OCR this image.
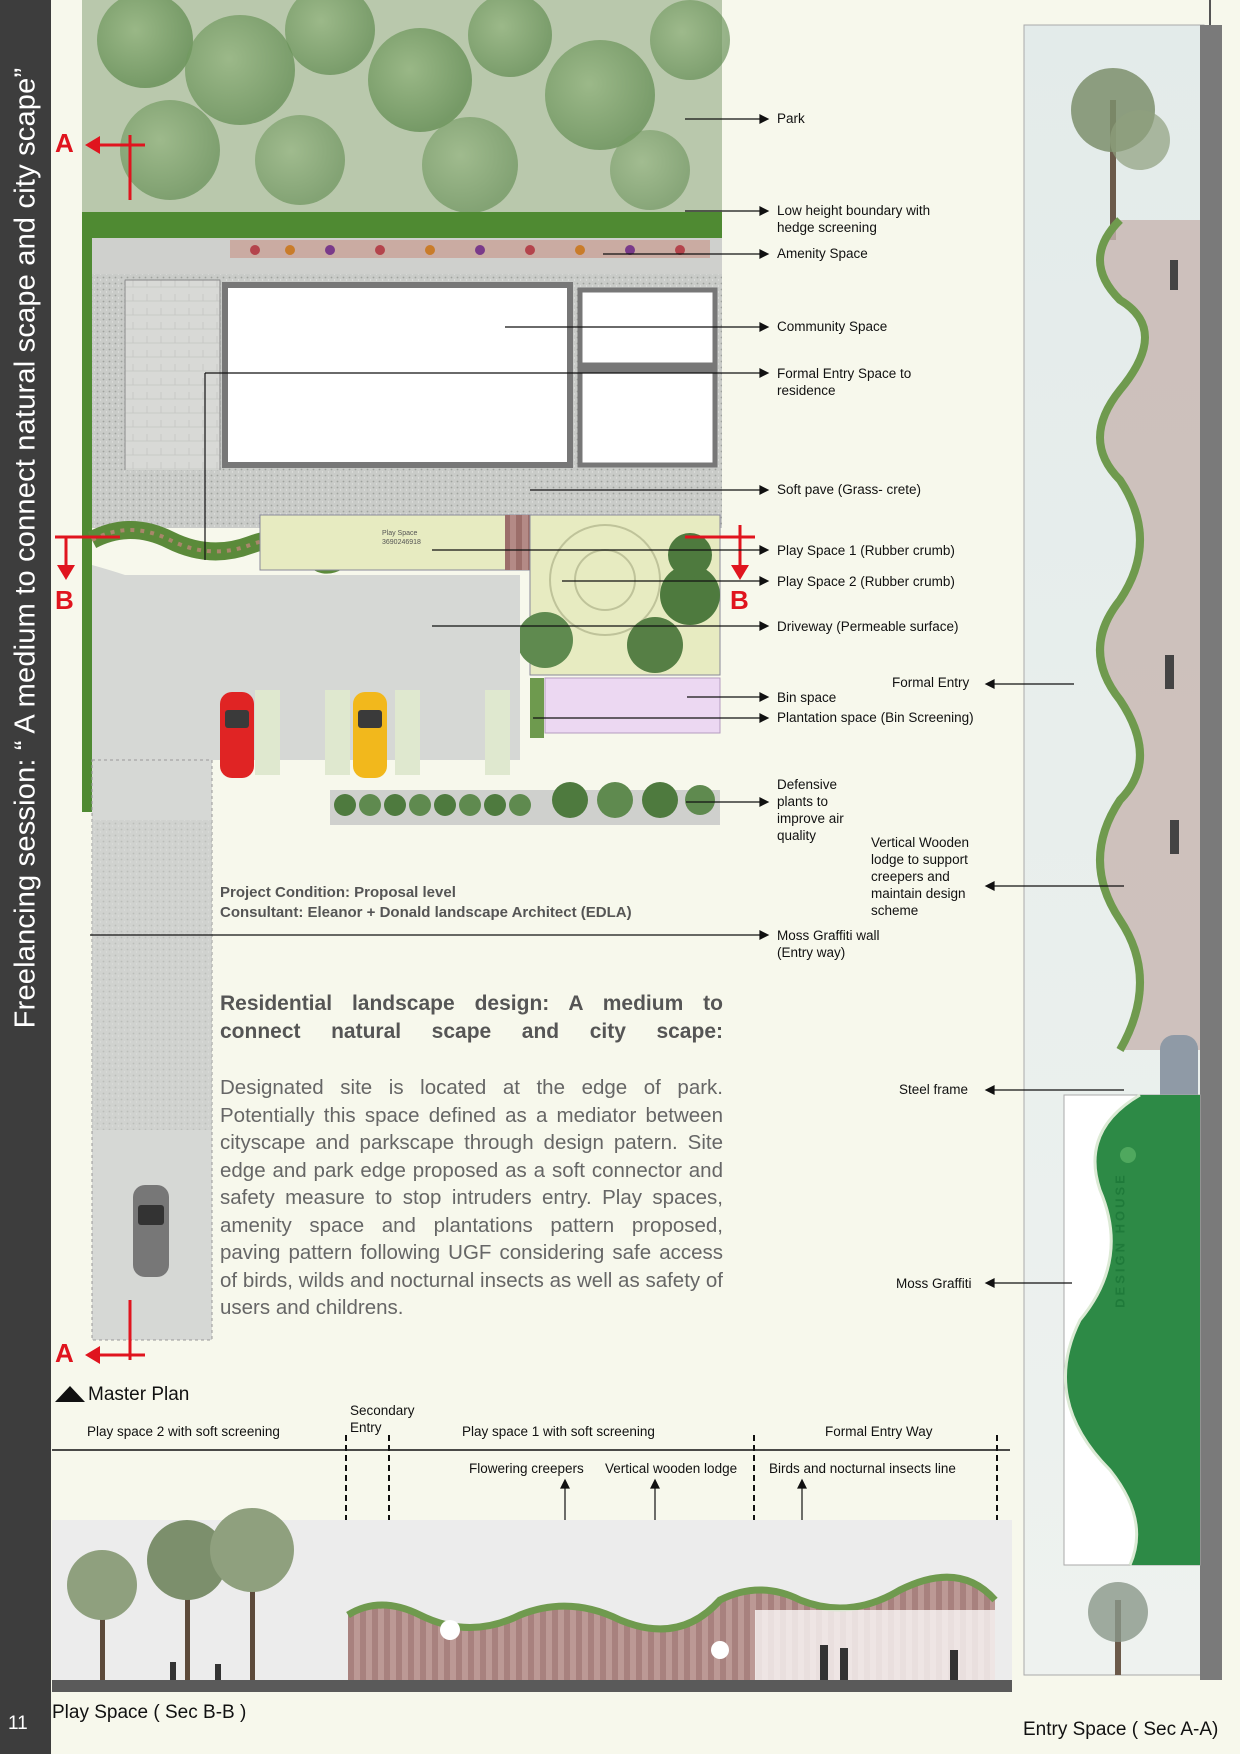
Freelancing session: “ A medium to connect natural scape and city scape”
11
A
A
B	B
Play Space
3690246918
Park
Low height boundary with hedge screening
Amenity Space
Community Space
Formal Entry Space to residence
Soft pave (Grass- crete)
Play Space 1 (Rubber crumb)
Play Space 2 (Rubber crumb)
Driveway (Permeable surface)
Bin space
Plantation space (Bin Screening)
Defensive plants to improve air quality
Moss Graffiti wall (Entry way)
Project Condition: Proposal level
Consultant: Eleanor + Donald landscape Architect (EDLA)
Residential landscape design: A medium to connect natural scape and city scape:
Designated site is located at the edge of park. Potentially this space defined as a mediator between cityscape and parkscape through design patern. Site edge and park edge proposed as a soft connector and safety measure to stop intruders entry. Play spaces, amenity space and plantations pattern proposed, paving pattern following UGF considering safe access of birds, wilds and nocturnal insects as well as safety of users and childrens.
Master Plan
DESIGN HOUSE
Formal Entry
Vertical Wooden lodge to support creepers and maintain design scheme
Steel frame
Moss Graffiti
Entry Space ( Sec A-A)
Play space 2 with soft screening
Secondary Entry	Play space 1 with soft screening	Formal Entry Way
Flowering creepers Vertical wooden lodge Birds and nocturnal insects line
Play Space ( Sec B-B )
